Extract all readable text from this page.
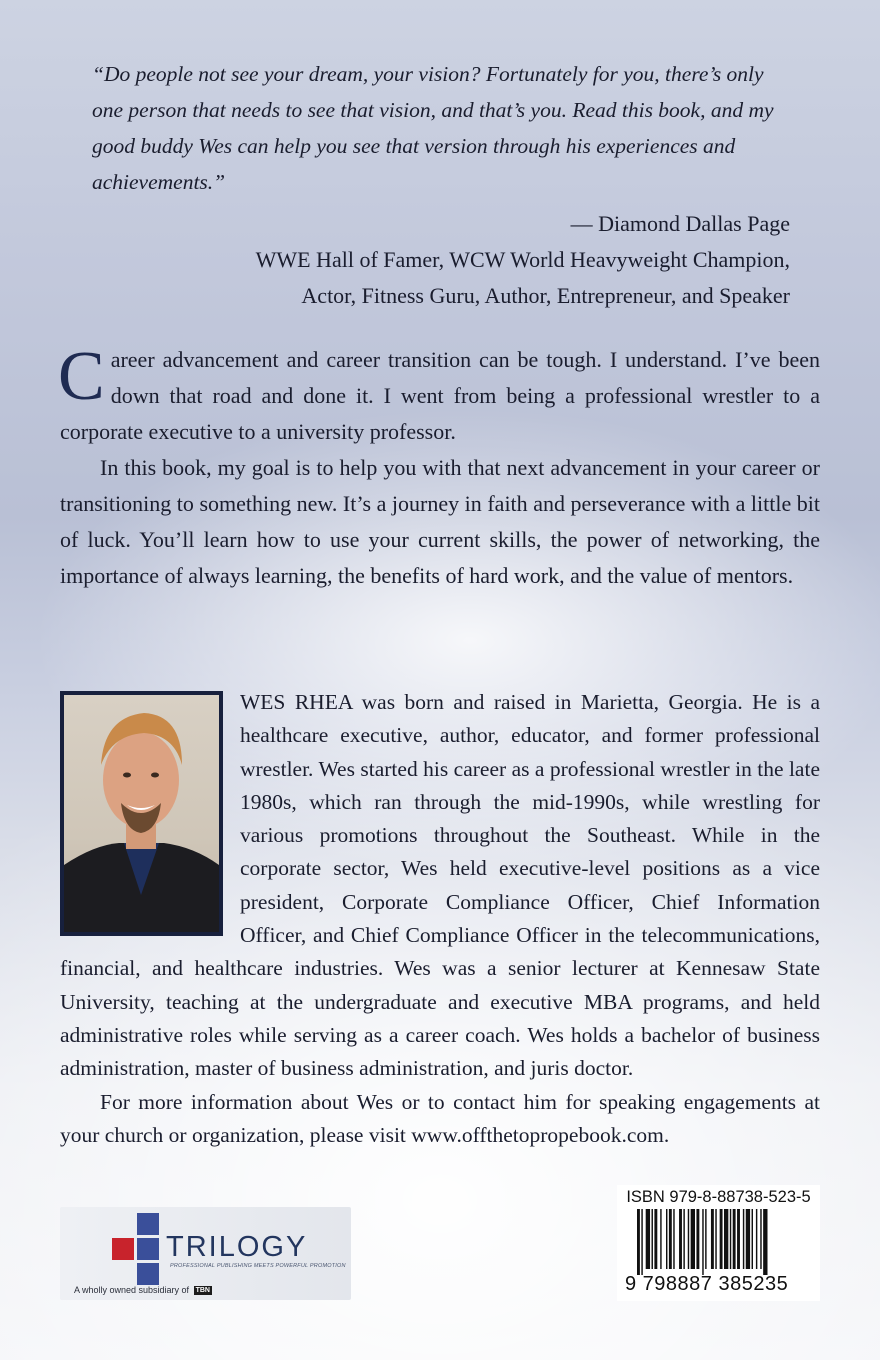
“Do people not see your dream, your vision? Fortunately for you, there’s only one person that needs to see that vision, and that’s you. Read this book, and my good buddy Wes can help you see that version through his experiences and achievements.”
— Diamond Dallas Page
WWE Hall of Famer, WCW World Heavyweight Champion,
Actor, Fitness Guru, Author, Entrepreneur, and Speaker

Career advancement and career transition can be tough. I understand. I’ve been down that road and done it. I went from being a professional wrestler to a corporate executive to a university professor.

In this book, my goal is to help you with that next advancement in your career or transitioning to something new. It’s a journey in faith and perseverance with a little bit of luck. You’ll learn how to use your current skills, the power of networking, the importance of always learning, the benefits of hard work, and the value of mentors.

WES RHEA was born and raised in Marietta, Georgia. He is a healthcare executive, author, educator, and former professional wrestler. Wes started his career as a professional wrestler in the late 1980s, which ran through the mid-1990s, while wrestling for various promotions throughout the Southeast. While in the corporate sector, Wes held executive-level positions as a vice president, Corporate Compliance Officer, Chief Information Officer, and Chief Compliance Officer in the telecommunications, financial, and healthcare industries. Wes was a senior lecturer at Kennesaw State University, teaching at the undergraduate and executive MBA programs, and held administrative roles while serving as a career coach. Wes holds a bachelor of business administration, master of business administration, and juris doctor.

For more information about Wes or to contact him for speaking engagements at your church or organization, please visit www.offthetopropebook.com.

TRILOGY
PROFESSIONAL PUBLISHING MEETS POWERFUL PROMOTION
A wholly owned subsidiary of TBN
ISBN 979-8-88738-523-5
9 798887 385235
